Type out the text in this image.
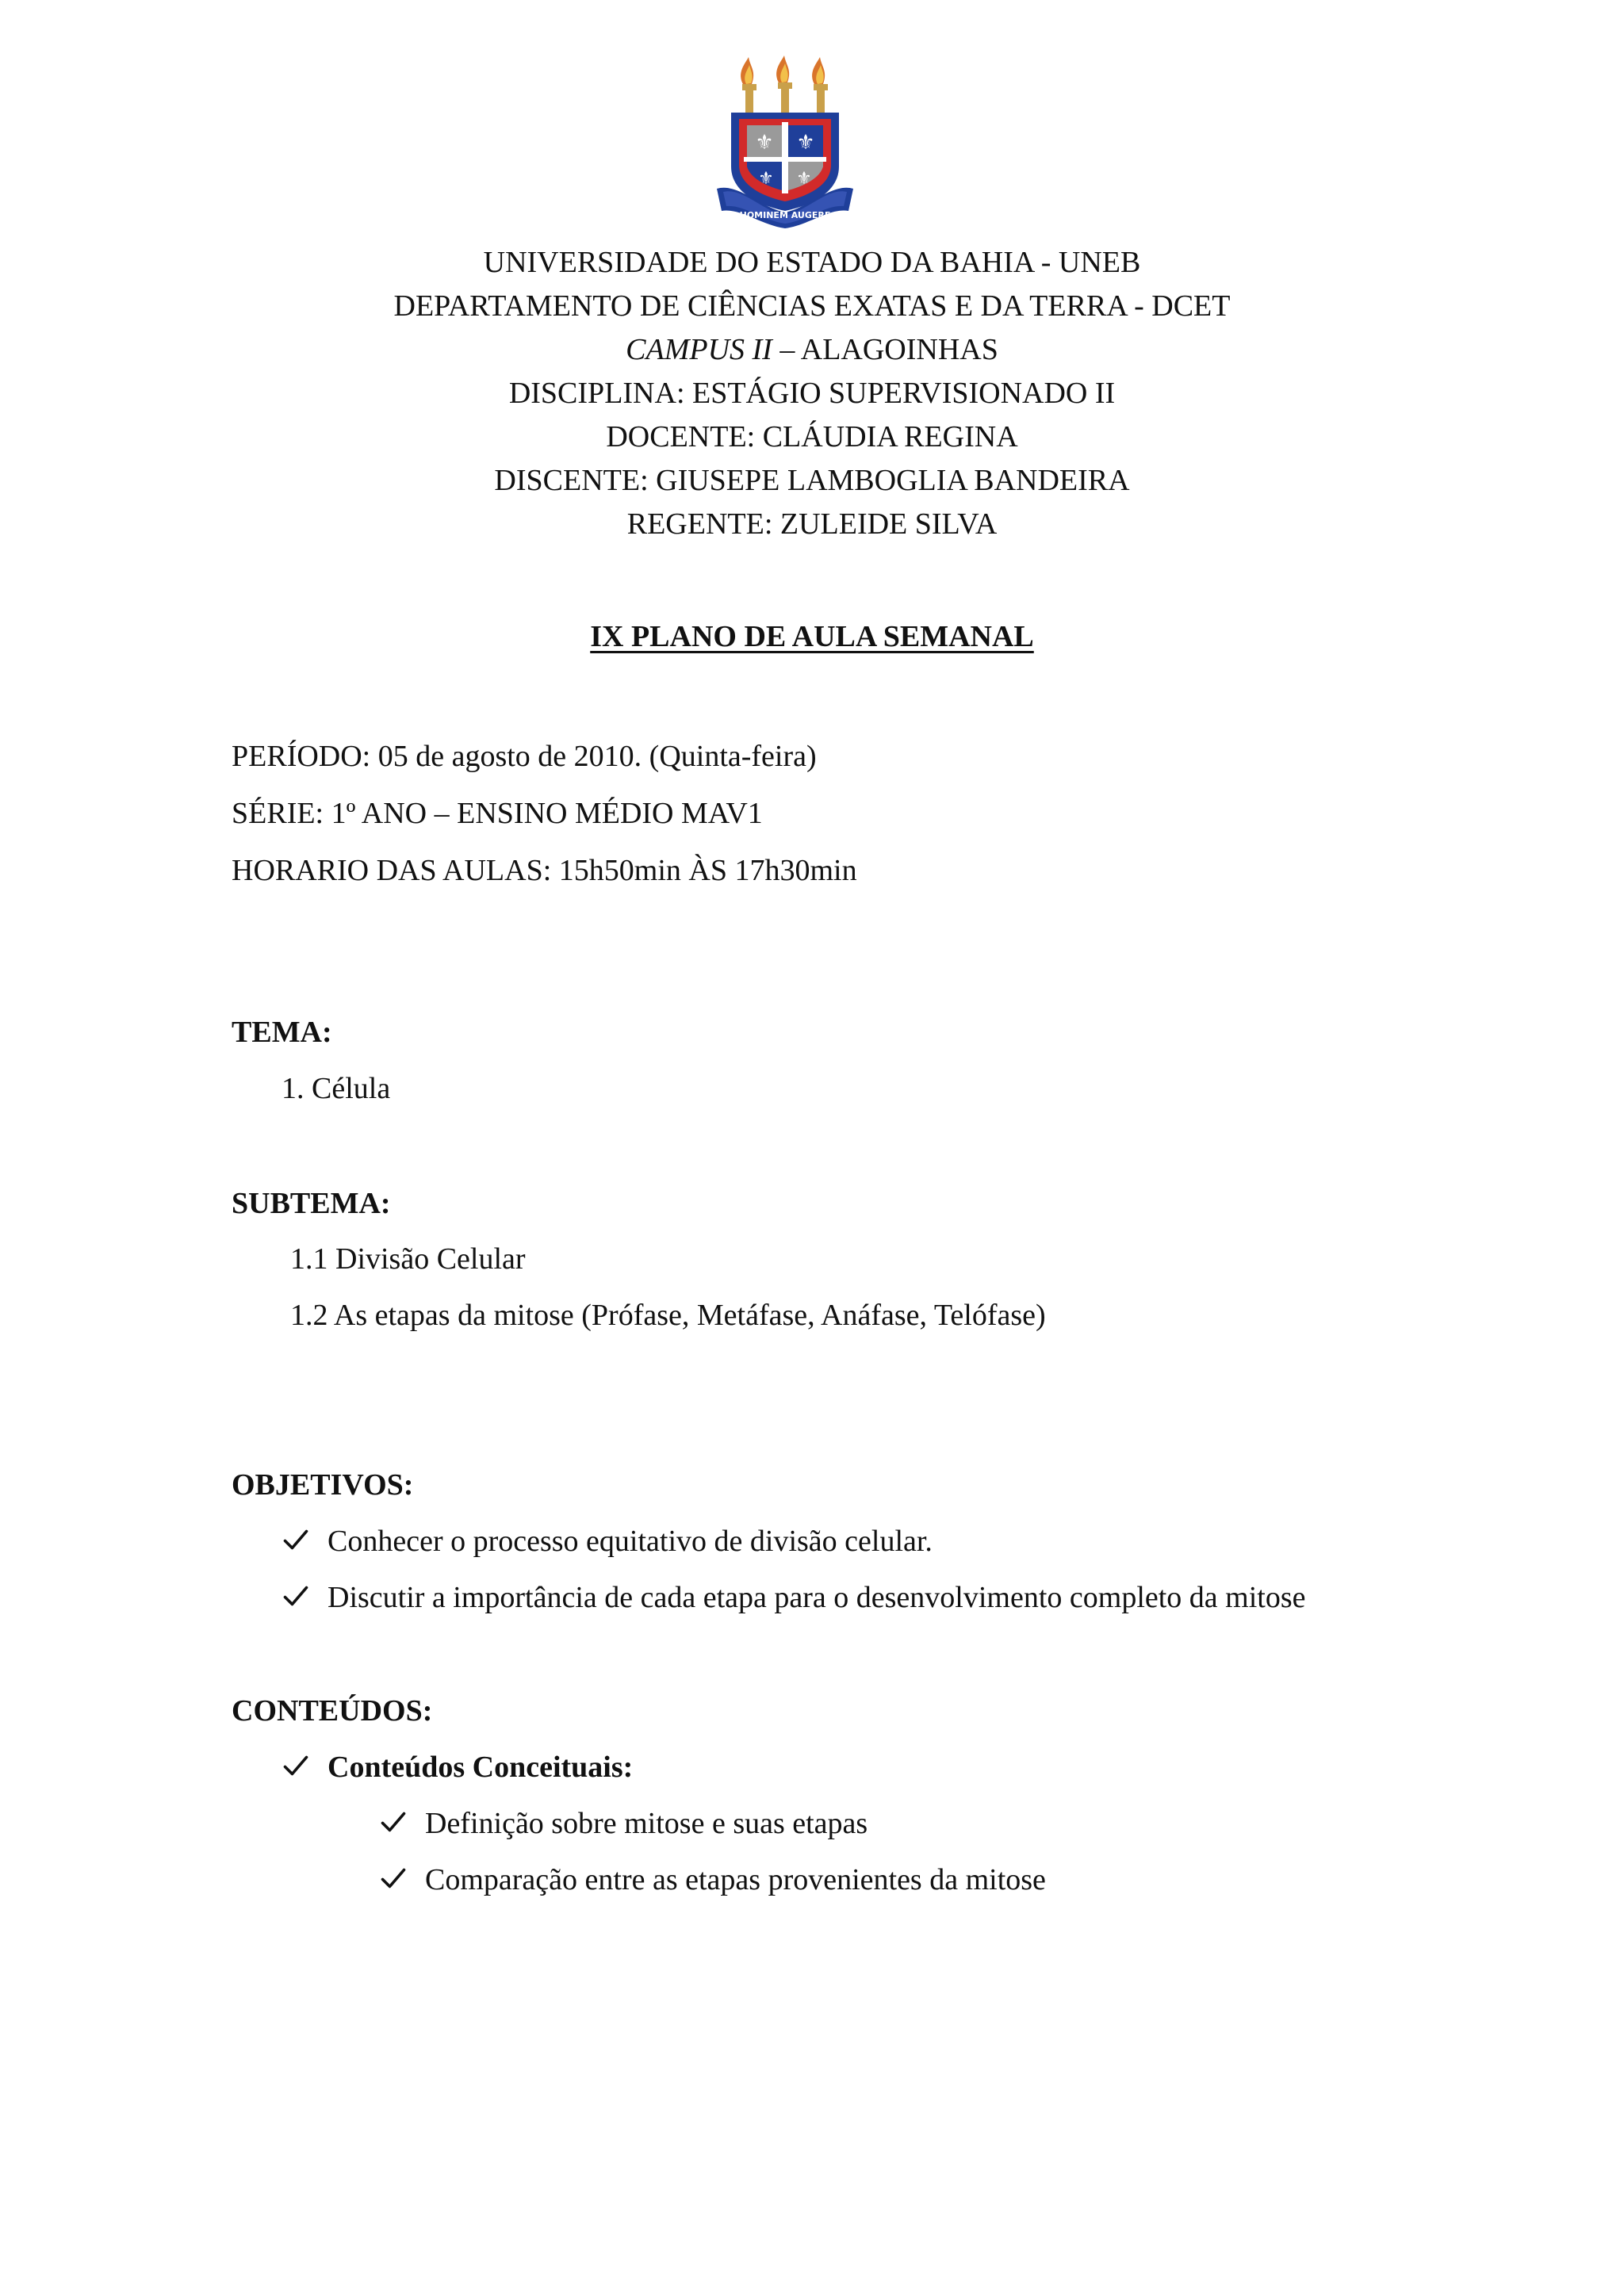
⚜ ⚜
⚜ ⚜
HOMINEM AUGERE
UNIVERSIDADE DO ESTADO DA BAHIA - UNEB
DEPARTAMENTO DE CIÊNCIAS EXATAS E DA TERRA - DCET
CAMPUS II – ALAGOINHAS
DISCIPLINA: ESTÁGIO SUPERVISIONADO II
DOCENTE: CLÁUDIA REGINA
DISCENTE: GIUSEPE LAMBOGLIA BANDEIRA
REGENTE: ZULEIDE SILVA
IX PLANO DE AULA SEMANAL
PERÍODO: 05 de agosto de 2010. (Quinta-feira)
SÉRIE: 1º ANO – ENSINO MÉDIO MAV1
HORARIO DAS AULAS: 15h50min ÀS 17h30min
TEMA:
1. Célula
SUBTEMA:
1.1 Divisão Celular
1.2 As etapas da mitose (Prófase, Metáfase, Anáfase, Telófase)
OBJETIVOS:
Conhecer o processo equitativo de divisão celular.
Discutir a importância de cada etapa para o desenvolvimento completo da mitose
CONTEÚDOS:
Conteúdos Conceituais:
Definição sobre mitose e suas etapas
Comparação entre as etapas provenientes da mitose
